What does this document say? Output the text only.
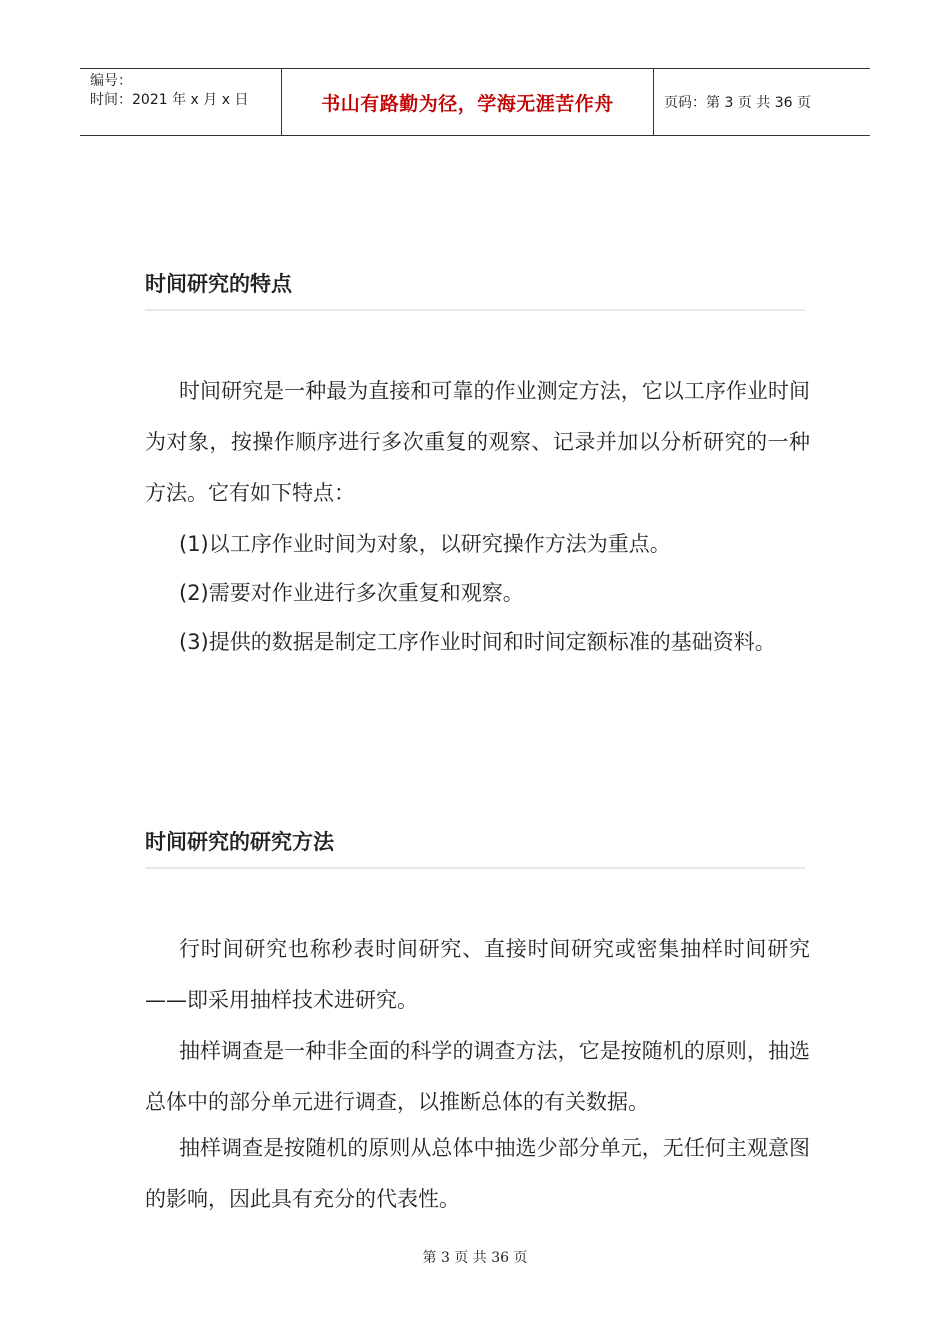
编号：
时间：2021 年 x 月 x 日	书山有路勤为径，学海无涯苦作舟	页码：第 3 页 共 36 页
时间研究的特点

时间研究是一种最为直接和可靠的作业测定方法，它以工序作业时间为对象，按操作顺序进行多次重复的观察、记录并加以分析研究的一种方法。它有如下特点：

(1)以工序作业时间为对象，以研究操作方法为重点。

(2)需要对作业进行多次重复和观察。

(3)提供的数据是制定工序作业时间和时间定额标准的基础资料。

时间研究的研究方法

行时间研究也称秒表时间研究、直接时间研究或密集抽样时间研究——即采用抽样技术进研究。

抽样调查是一种非全面的科学的调查方法，它是按随机的原则，抽选总体中的部分单元进行调查，以推断总体的有关数据。

抽样调查是按随机的原则从总体中抽选少部分单元，无任何主观意图的影响，因此具有充分的代表性。

第 3 页 共 36 页
